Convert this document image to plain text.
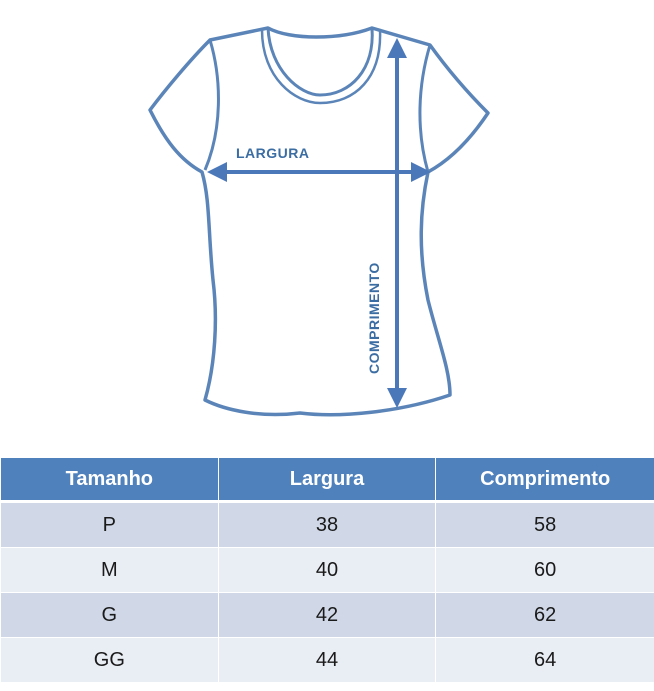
LARGURA
COMPRIMENTO
Tamanho	Largura	Comprimento
P	38	58
M	40	60
G	42	62
GG	44	64
